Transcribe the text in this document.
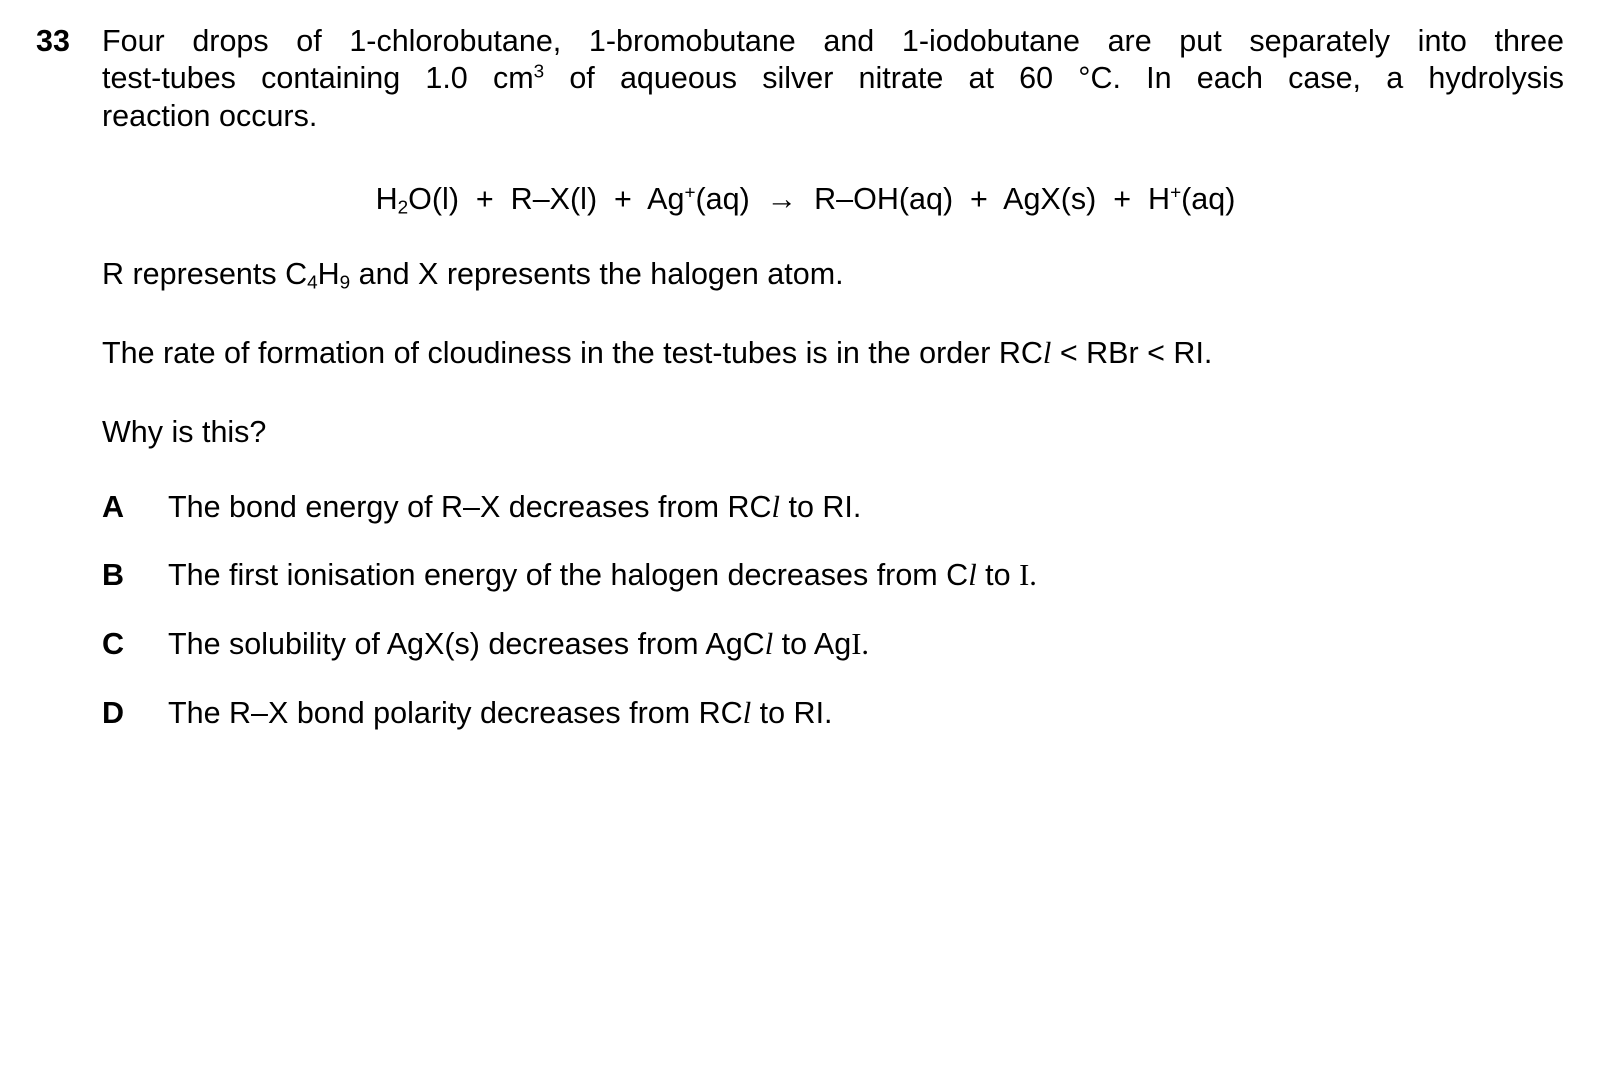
33 Four drops of 1-chlorobutane, 1-bromobutane and 1-iodobutane are put separately into three
test-tubes containing 1.0 $cm^3$ of aqueous silver nitrate at 60 °C. In each case, a hydrolysis
reaction occurs.
$H_2O(l) + R-X(l) + Ag^+(aq) \to R-OH(aq) + AgX(s) + H^+(aq)$
R represents $C_4H_9$ and X represents the halogen atom.
The rate of formation of cloudiness in the test-tubes is in the order RCl < RBr < RI.
Why is this?
A The bond energy of R–X decreases from RCl to RI.
B The first ionisation energy of the halogen decreases from Cl to I.
C The solubility of AgX(s) decreases from AgCl to AgI.
D The R–X bond polarity decreases from RCl to RI.
